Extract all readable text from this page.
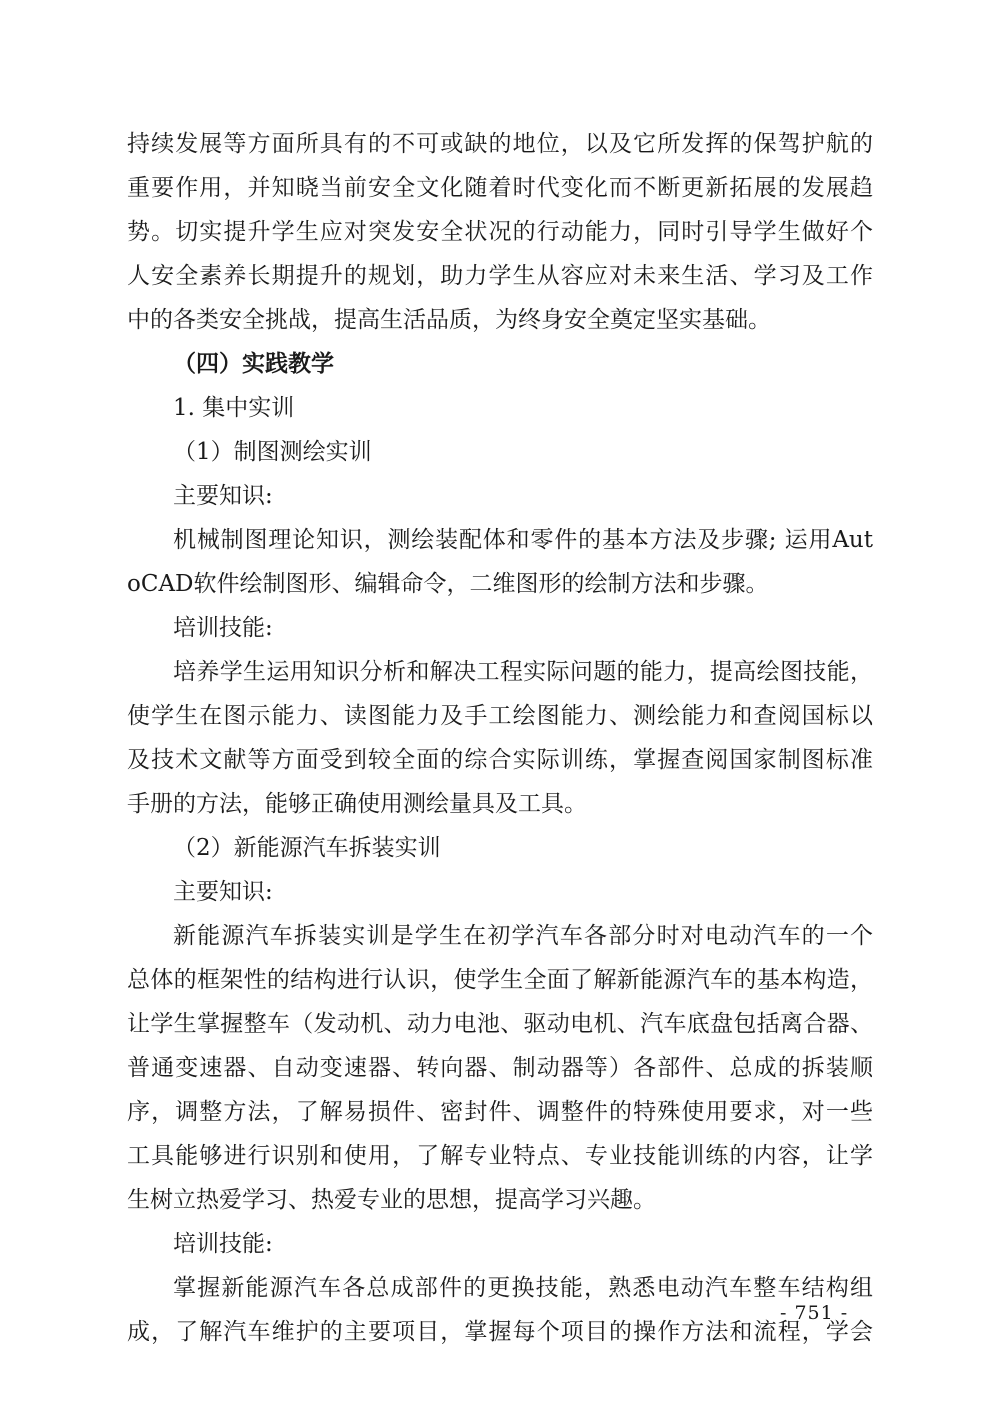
持续发展等方面所具有的不可或缺的地位，以及它所发挥的保驾护航的
重要作用，并知晓当前安全文化随着时代变化而不断更新拓展的发展趋
势。切实提升学生应对突发安全状况的行动能力，同时引导学生做好个
人安全素养长期提升的规划，助力学生从容应对未来生活、学习及工作
中的各类安全挑战，提高生活品质，为终身安全奠定坚实基础。
（四）实践教学
1. 集中实训
（1）制图测绘实训
主要知识:
机械制图理论知识，测绘装配体和零件的基本方法及步骤; 运用Aut
oCAD软件绘制图形、编辑命令，二维图形的绘制方法和步骤。
培训技能:
培养学生运用知识分析和解决工程实际问题的能力，提高绘图技能，
使学生在图示能力、读图能力及手工绘图能力、测绘能力和查阅国标以
及技术文献等方面受到较全面的综合实际训练，掌握查阅国家制图标准
手册的方法，能够正确使用测绘量具及工具。
（2）新能源汽车拆装实训
主要知识:
新能源汽车拆装实训是学生在初学汽车各部分时对电动汽车的一个
总体的框架性的结构进行认识，使学生全面了解新能源汽车的基本构造，
让学生掌握整车（发动机、动力电池、驱动电机、汽车底盘包括离合器、
普通变速器、自动变速器、转向器、制动器等）各部件、总成的拆装顺
序，调整方法，了解易损件、密封件、调整件的特殊使用要求，对一些
工具能够进行识别和使用，了解专业特点、专业技能训练的内容，让学
生树立热爱学习、热爱专业的思想，提高学习兴趣。
培训技能:
掌握新能源汽车各总成部件的更换技能，熟悉电动汽车整车结构组
成，了解汽车维护的主要项目，掌握每个项目的操作方法和流程，学会
- 751 -
